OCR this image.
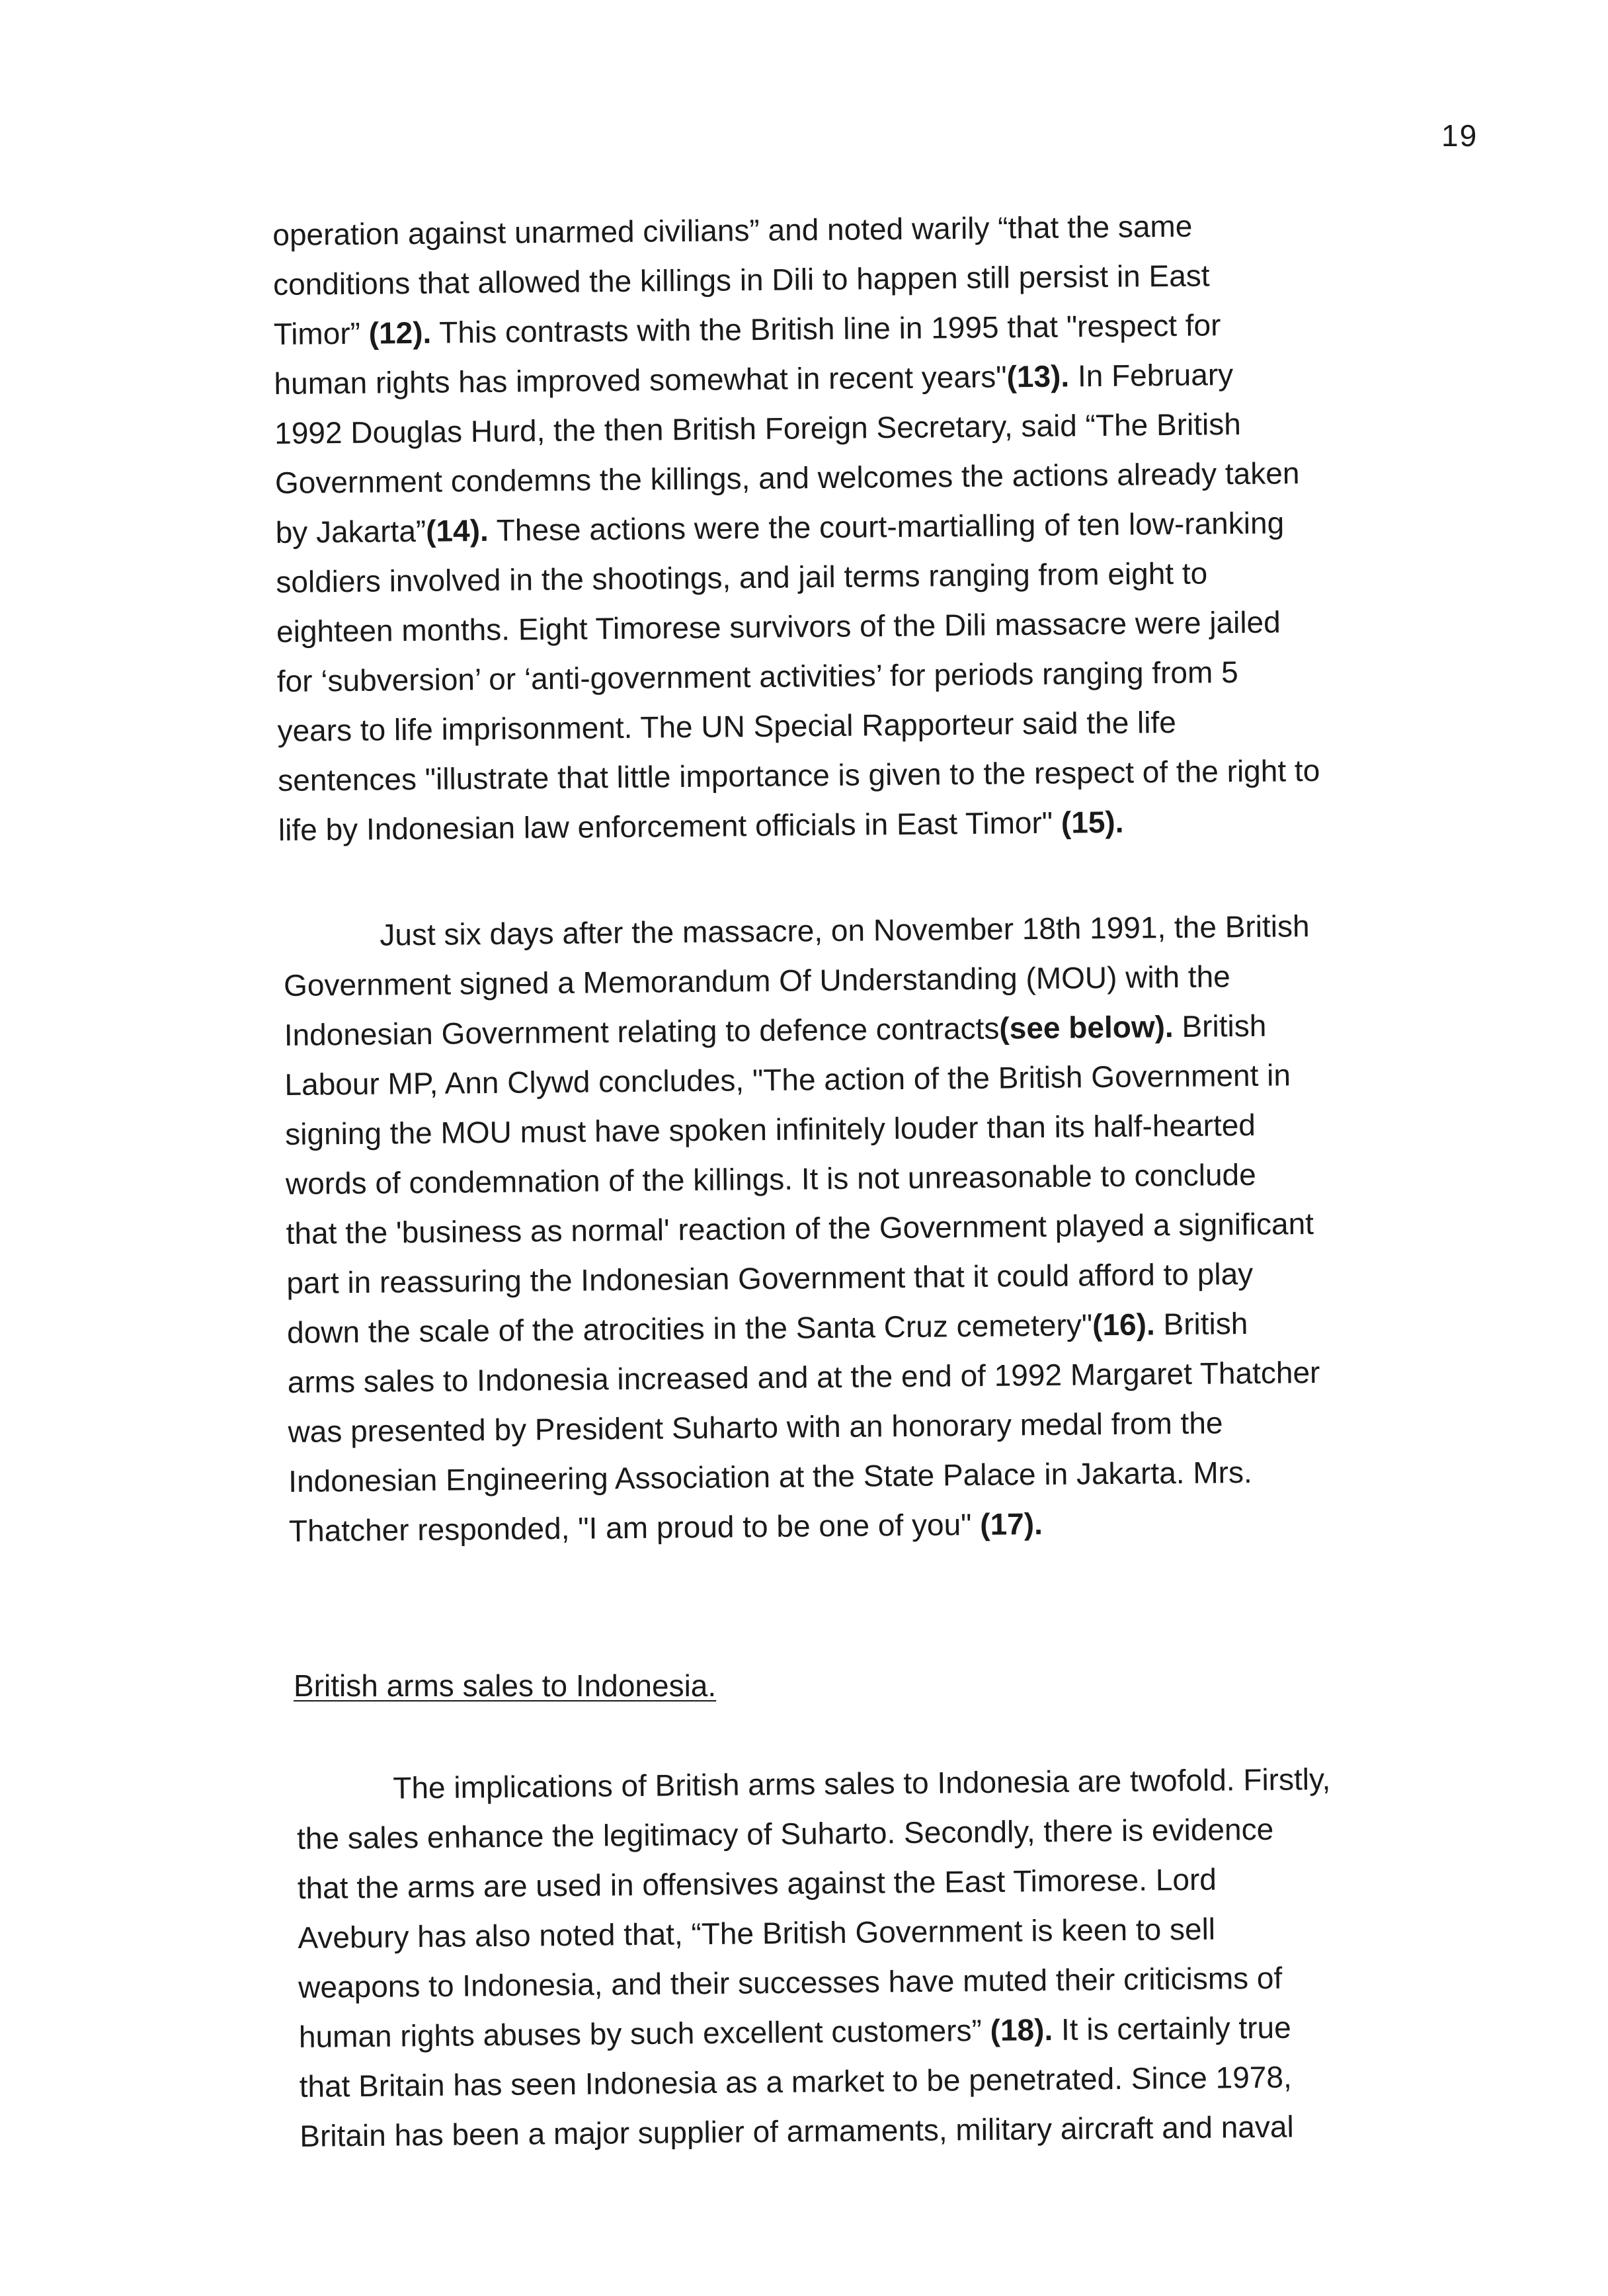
19
operation against unarmed civilians” and noted warily “that the same
conditions that allowed the killings in Dili to happen still persist in East
Timor” (12). This contrasts with the British line in 1995 that "respect for
human rights has improved somewhat in recent years"(13). In February
1992 Douglas Hurd, the then British Foreign Secretary, said “The British
Government condemns the killings, and welcomes the actions already taken
by Jakarta”(14). These actions were the court-martialling of ten low-ranking
soldiers involved in the shootings, and jail terms ranging from eight to
eighteen months. Eight Timorese survivors of the Dili massacre were jailed
for ‘subversion’ or ‘anti-government activities’ for periods ranging from 5
years to life imprisonment. The UN Special Rapporteur said the life
sentences "illustrate that little importance is given to the respect of the right to
life by Indonesian law enforcement officials in East Timor" (15).
Just six days after the massacre, on November 18th 1991, the British
Government signed a Memorandum Of Understanding (MOU) with the
Indonesian Government relating to defence contracts(see below). British
Labour MP, Ann Clywd concludes, "The action of the British Government in
signing the MOU must have spoken infinitely louder than its half-hearted
words of condemnation of the killings. It is not unreasonable to conclude
that the 'business as normal' reaction of the Government played a significant
part in reassuring the Indonesian Government that it could afford to play
down the scale of the atrocities in the Santa Cruz cemetery"(16). British
arms sales to Indonesia increased and at the end of 1992 Margaret Thatcher
was presented by President Suharto with an honorary medal from the
Indonesian Engineering Association at the State Palace in Jakarta. Mrs.
Thatcher responded, "I am proud to be one of you" (17).
British arms sales to Indonesia.
The implications of British arms sales to Indonesia are twofold. Firstly,
the sales enhance the legitimacy of Suharto. Secondly, there is evidence
that the arms are used in offensives against the East Timorese. Lord
Avebury has also noted that, “The British Government is keen to sell
weapons to Indonesia, and their successes have muted their criticisms of
human rights abuses by such excellent customers” (18). It is certainly true
that Britain has seen Indonesia as a market to be penetrated. Since 1978,
Britain has been a major supplier of armaments, military aircraft and naval
